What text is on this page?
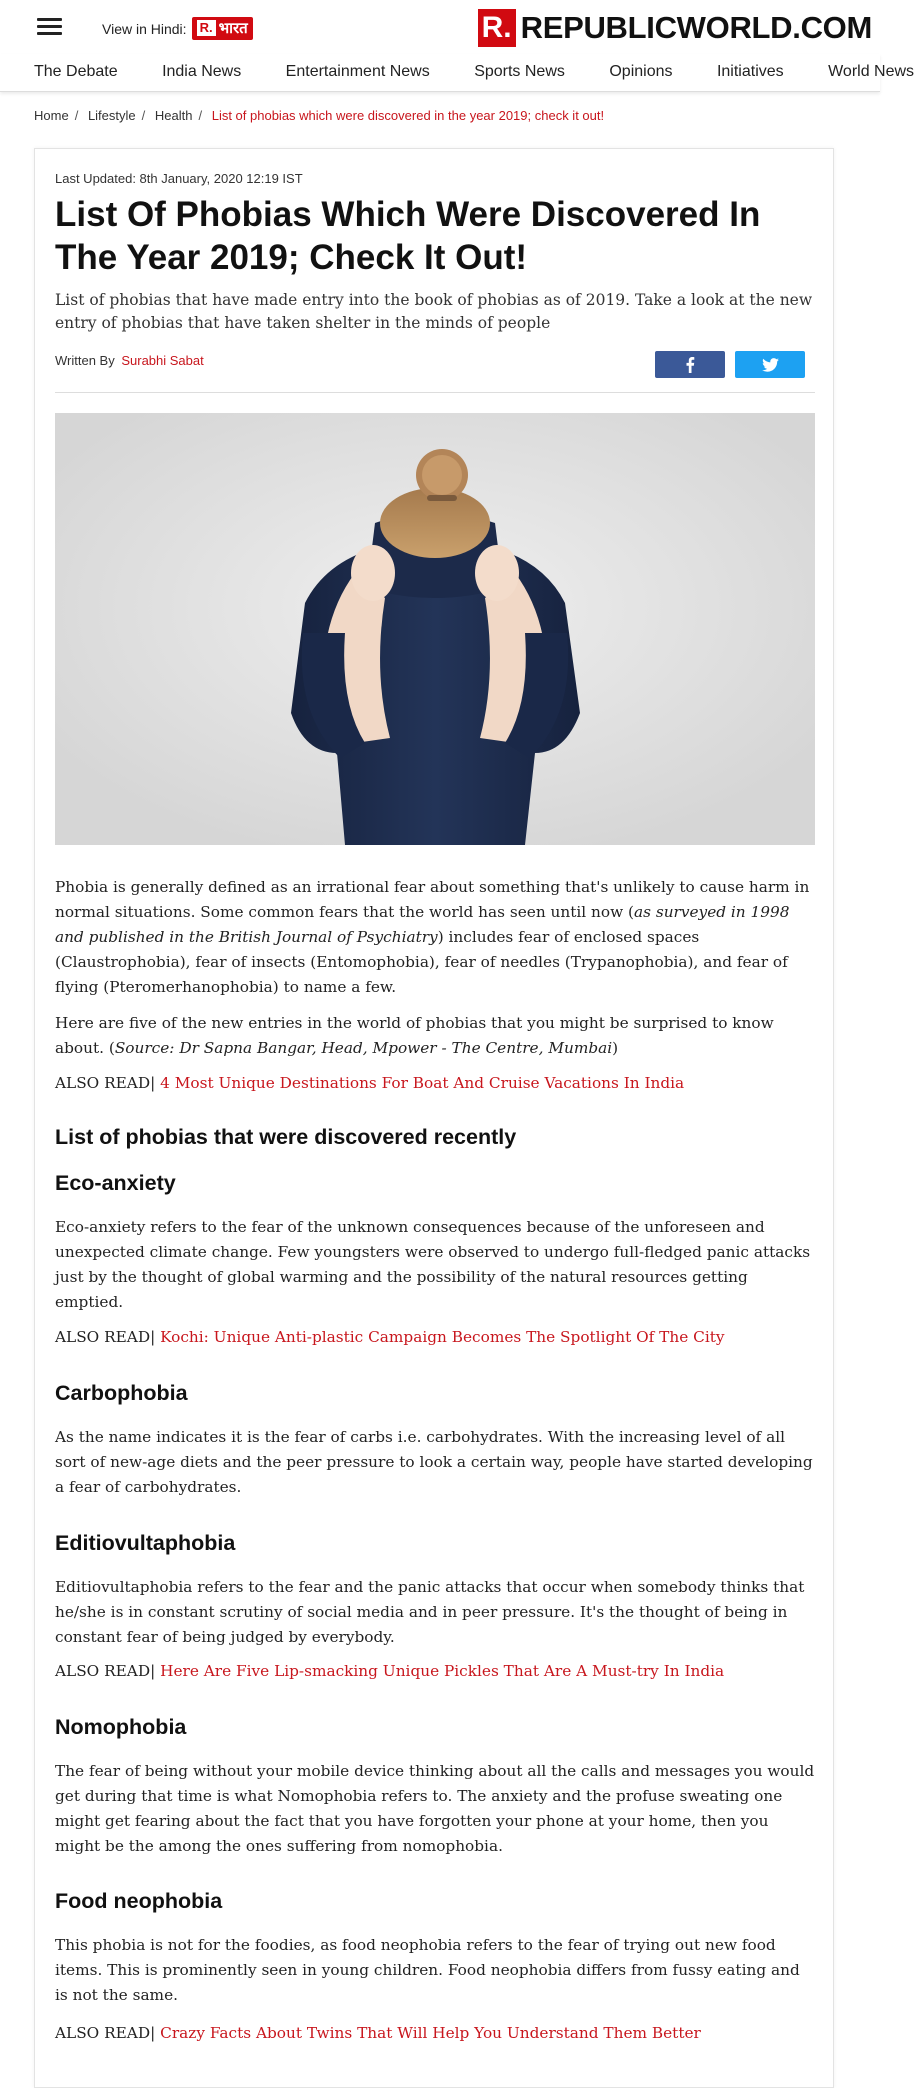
View in Hindi: R. भारत	R. REPUBLICWORLD.COM
The Debate	India News	Entertainment News	Sports News	Opinions	Initiatives	World News
Home / Lifestyle / Health / List of phobias which were discovered in the year 2019; check it out!
Last Updated: 8th January, 2020 12:19 IST
List Of Phobias Which Were Discovered In The Year 2019; Check It Out!

List of phobias that have made entry into the book of phobias as of 2019. Take a look at the new entry of phobias that have taken shelter in the minds of people

Written By Surabhi Sabat

Phobia is generally defined as an irrational fear about something that's unlikely to cause harm in normal situations. Some common fears that the world has seen until now (as surveyed in 1998 and published in the British Journal of Psychiatry) includes fear of enclosed spaces (Claustrophobia), fear of insects (Entomophobia), fear of needles (Trypanophobia), and fear of flying (Pteromerhanophobia) to name a few.

Here are five of the new entries in the world of phobias that you might be surprised to know about. (Source: Dr Sapna Bangar, Head, Mpower - The Centre, Mumbai)

ALSO READ| 4 Most Unique Destinations For Boat And Cruise Vacations In India
List of phobias that were discovered recently
Eco-anxiety

Eco-anxiety refers to the fear of the unknown consequences because of the unforeseen and unexpected climate change. Few youngsters were observed to undergo full-fledged panic attacks just by the thought of global warming and the possibility of the natural resources getting emptied.

ALSO READ| Kochi: Unique Anti-plastic Campaign Becomes The Spotlight Of The City
Carbophobia

As the name indicates it is the fear of carbs i.e. carbohydrates. With the increasing level of all sort of new-age diets and the peer pressure to look a certain way, people have started developing a fear of carbohydrates.

Editiovultaphobia

Editiovultaphobia refers to the fear and the panic attacks that occur when somebody thinks that he/she is in constant scrutiny of social media and in peer pressure. It's the thought of being in constant fear of being judged by everybody.

ALSO READ| Here Are Five Lip-smacking Unique Pickles That Are A Must-try In India
Nomophobia

The fear of being without your mobile device thinking about all the calls and messages you would get during that time is what Nomophobia refers to. The anxiety and the profuse sweating one might get fearing about the fact that you have forgotten your phone at your home, then you might be the among the ones suffering from nomophobia.

Food neophobia

This phobia is not for the foodies, as food neophobia refers to the fear of trying out new food items. This is prominently seen in young children. Food neophobia differs from fussy eating and is not the same.

ALSO READ| Crazy Facts About Twins That Will Help You Understand Them Better
